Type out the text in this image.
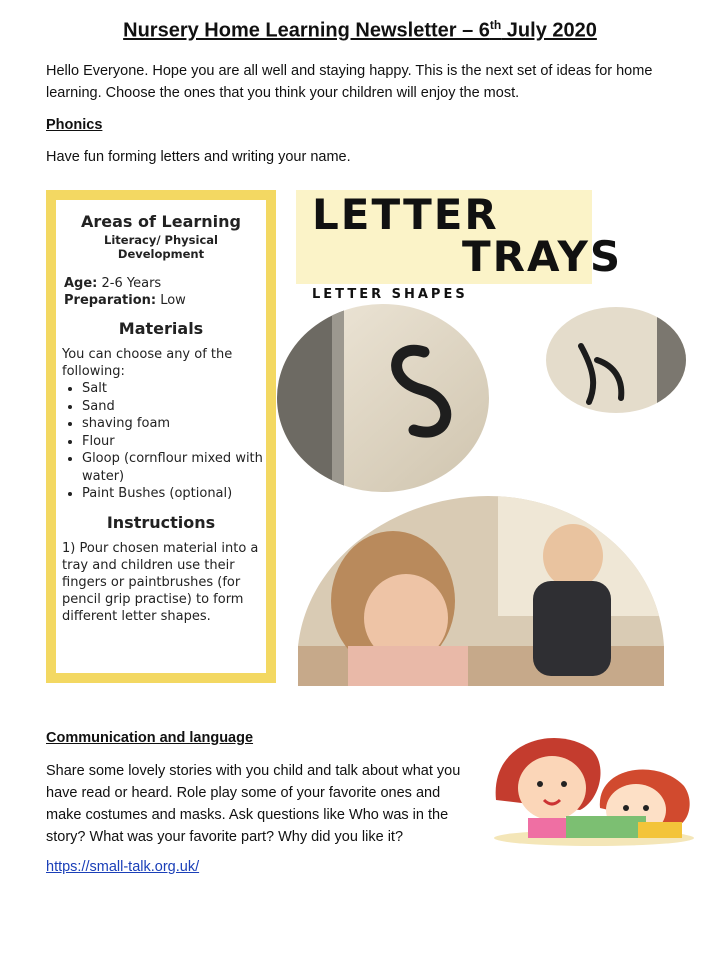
Nursery Home Learning Newsletter – 6th July 2020
Hello Everyone. Hope you are all well and staying happy. This is the next set of ideas for home learning. Choose the ones that you think your children will enjoy the most.
Phonics
Have fun forming letters and writing your name.
Areas of Learning
Literacy/ Physical Development
Age: 2-6 Years
Preparation: Low
Materials
You can choose any of the following:
• Salt
• Sand
• shaving foam
• Flour
• Gloop (cornflour mixed with water)
• Paint Bushes (optional)
Instructions
1) Pour chosen material into a tray and children use their fingers or paintbrushes (for pencil grip practise) to form different letter shapes.
LETTER
TRAYS
LETTER SHAPES
Communication and language
Share some lovely stories with you child and talk about what you have read or heard. Role play some of your favorite ones and make costumes and masks. Ask questions like Who was in the story? What was your favorite part? Why did you like it?
https://small-talk.org.uk/
